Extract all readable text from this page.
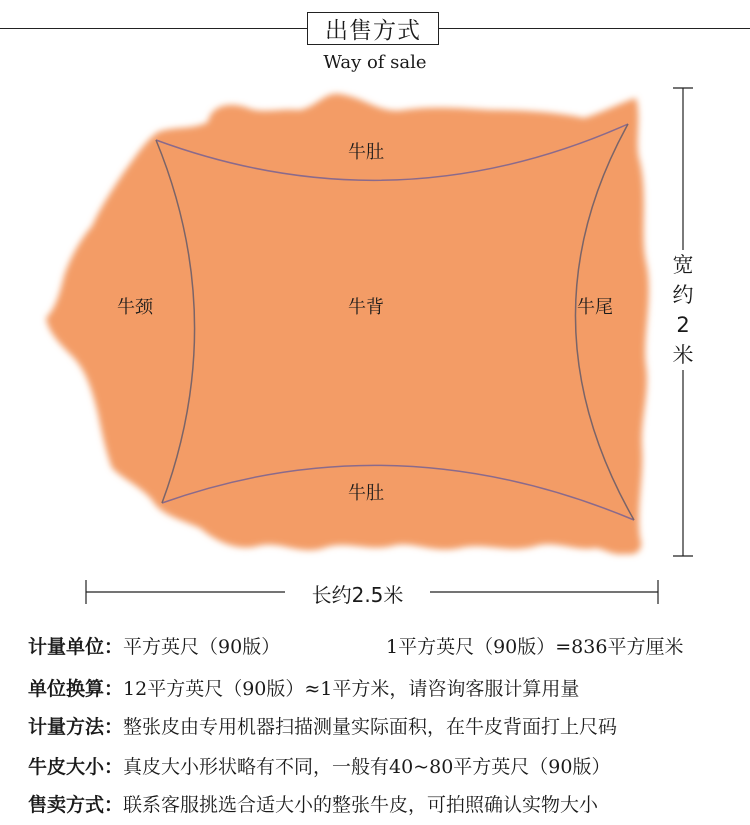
出售方式
Way of sale
牛肚
牛颈	牛背	牛尾
牛肚
宽
约
2
米
长约2.5米
计量单位：平方英尺（90版）	1平方英尺（90版）=836平方厘米
单位换算：12平方英尺（90版）≈1平方米，请咨询客服计算用量
计量方法：整张皮由专用机器扫描测量实际面积，在牛皮背面打上尺码
牛皮大小：真皮大小形状略有不同，一般有40~80平方英尺（90版）
售卖方式：联系客服挑选合适大小的整张牛皮，可拍照确认实物大小
